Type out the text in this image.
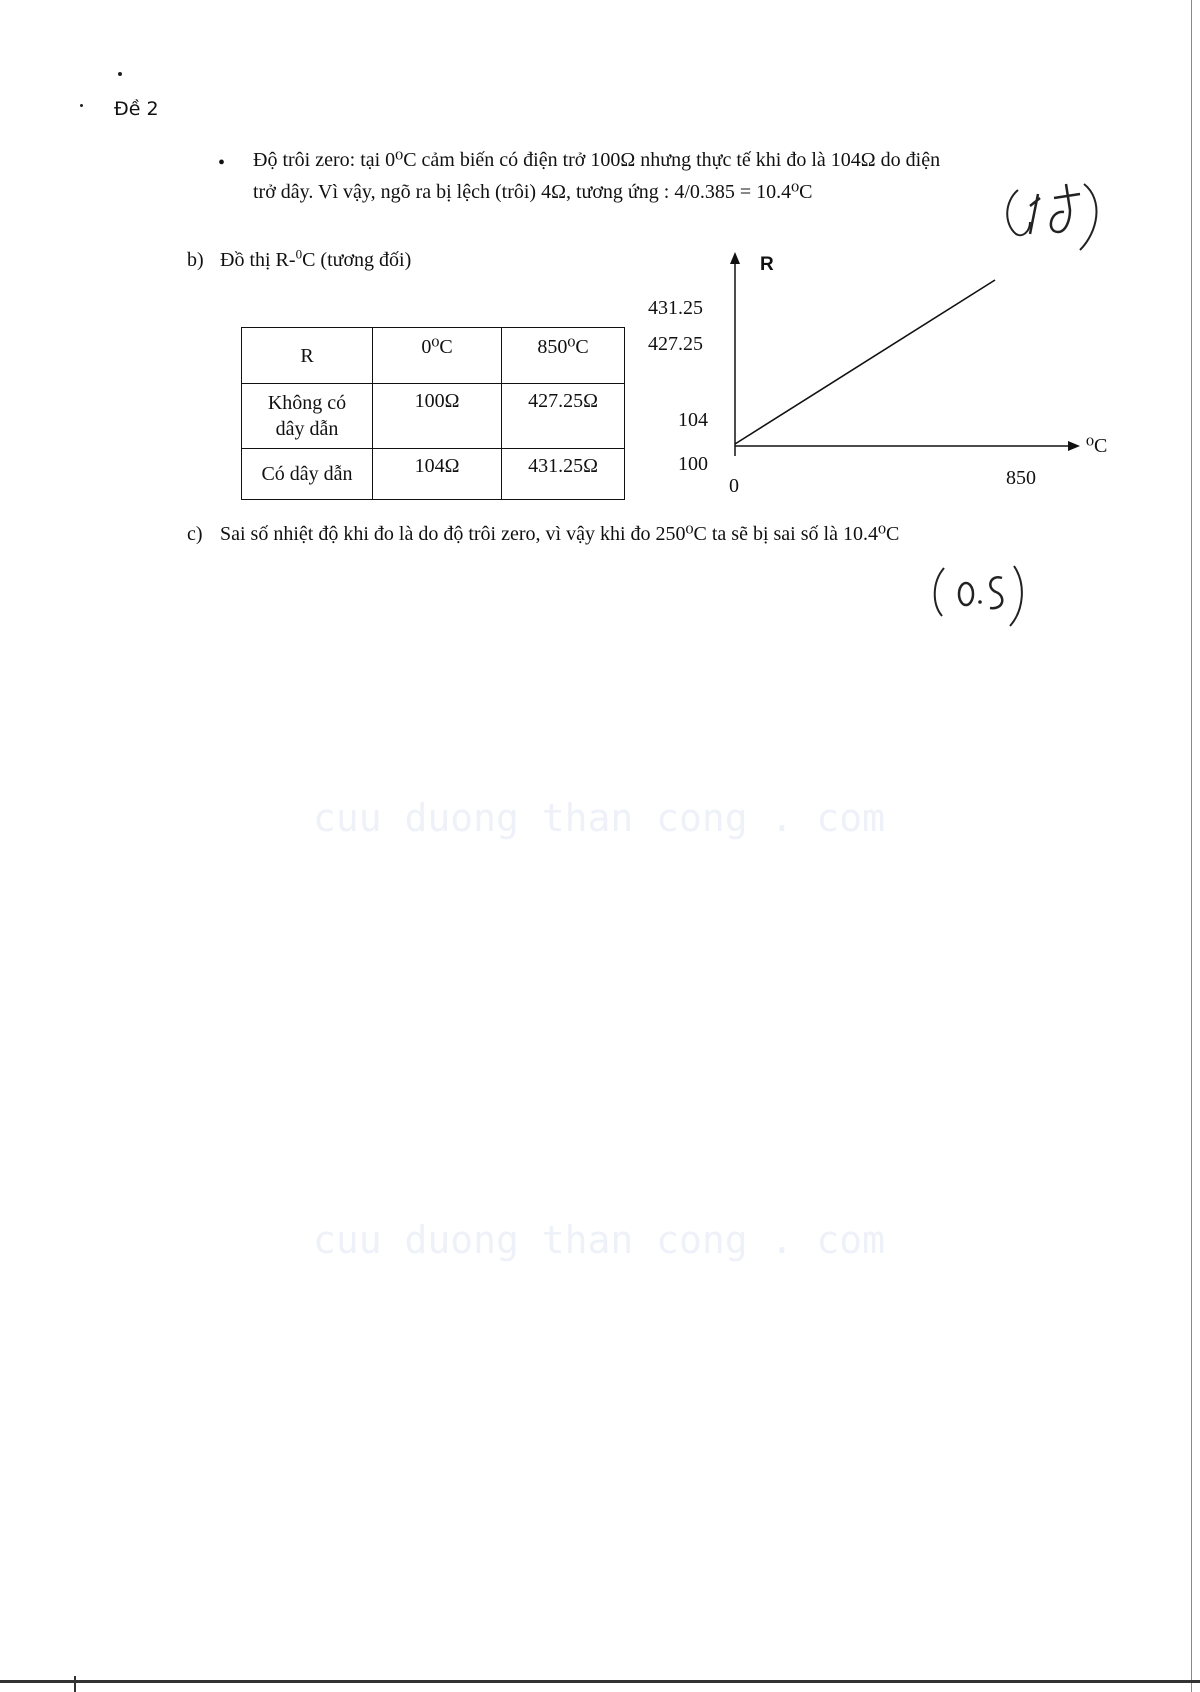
Đề 2
• Độ trôi zero: tại 0⁰C cảm biến có điện trở 100Ω nhưng thực tế khi đo là 104Ω do điện
trở dây. Vì vậy, ngõ ra bị lệch (trôi) 4Ω, tương ứng : 4/0.385 = 10.4⁰C
(1đ)
b) Đồ thị R-$^0$C (tương đối)
R	0⁰C	850⁰C

Không có
dây dẫn	100Ω	427.25Ω
Có dây dẫn	104Ω	431.25Ω
R
⁰C
0	850
431.25
427.25
104
100
c) Sai số nhiệt độ khi đo là do độ trôi zero, vì vậy khi đo 250⁰C ta sẽ bị sai số là 10.4⁰C
(0.5)
cuu duong than cong . com
cuu duong than cong . com
